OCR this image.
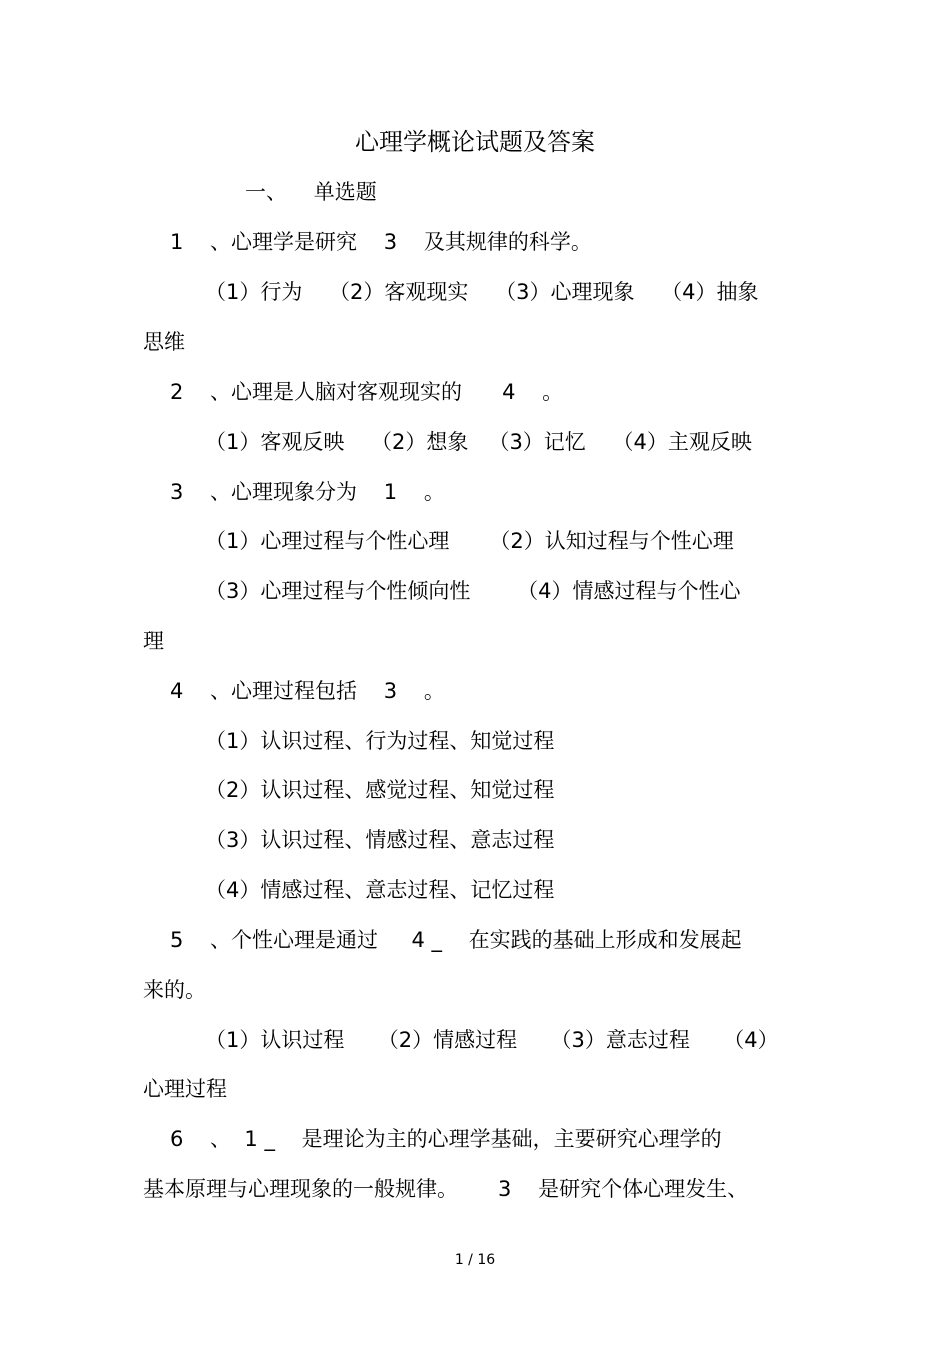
心理学概论试题及答案
一、    单选题
1    、心理学是研究    3    及其规律的科学。
（1）行为    （2）客观现实    （3）心理现象    （4）抽象
思维
2    、心理是人脑对客观现实的      4    。
（1）客观反映    （2）想象   （3）记忆    （4）主观反映
3    、心理现象分为    1    。
（1）心理过程与个性心理      （2）认知过程与个性心理
（3）心理过程与个性倾向性       （4）情感过程与个性心
理
4    、心理过程包括    3    。
（1）认识过程、行为过程、知觉过程
（2）认识过程、感觉过程、知觉过程
（3）认识过程、情感过程、意志过程
（4）情感过程、意志过程、记忆过程
5    、个性心理是通过     4 _    在实践的基础上形成和发展起
来的。
（1）认识过程     （2）情感过程     （3）意志过程     （4）
心理过程
6    、  1 _    是理论为主的心理学基础，主要研究心理学的
基本原理与心理现象的一般规律。      3    是研究个体心理发生、
1 / 16
